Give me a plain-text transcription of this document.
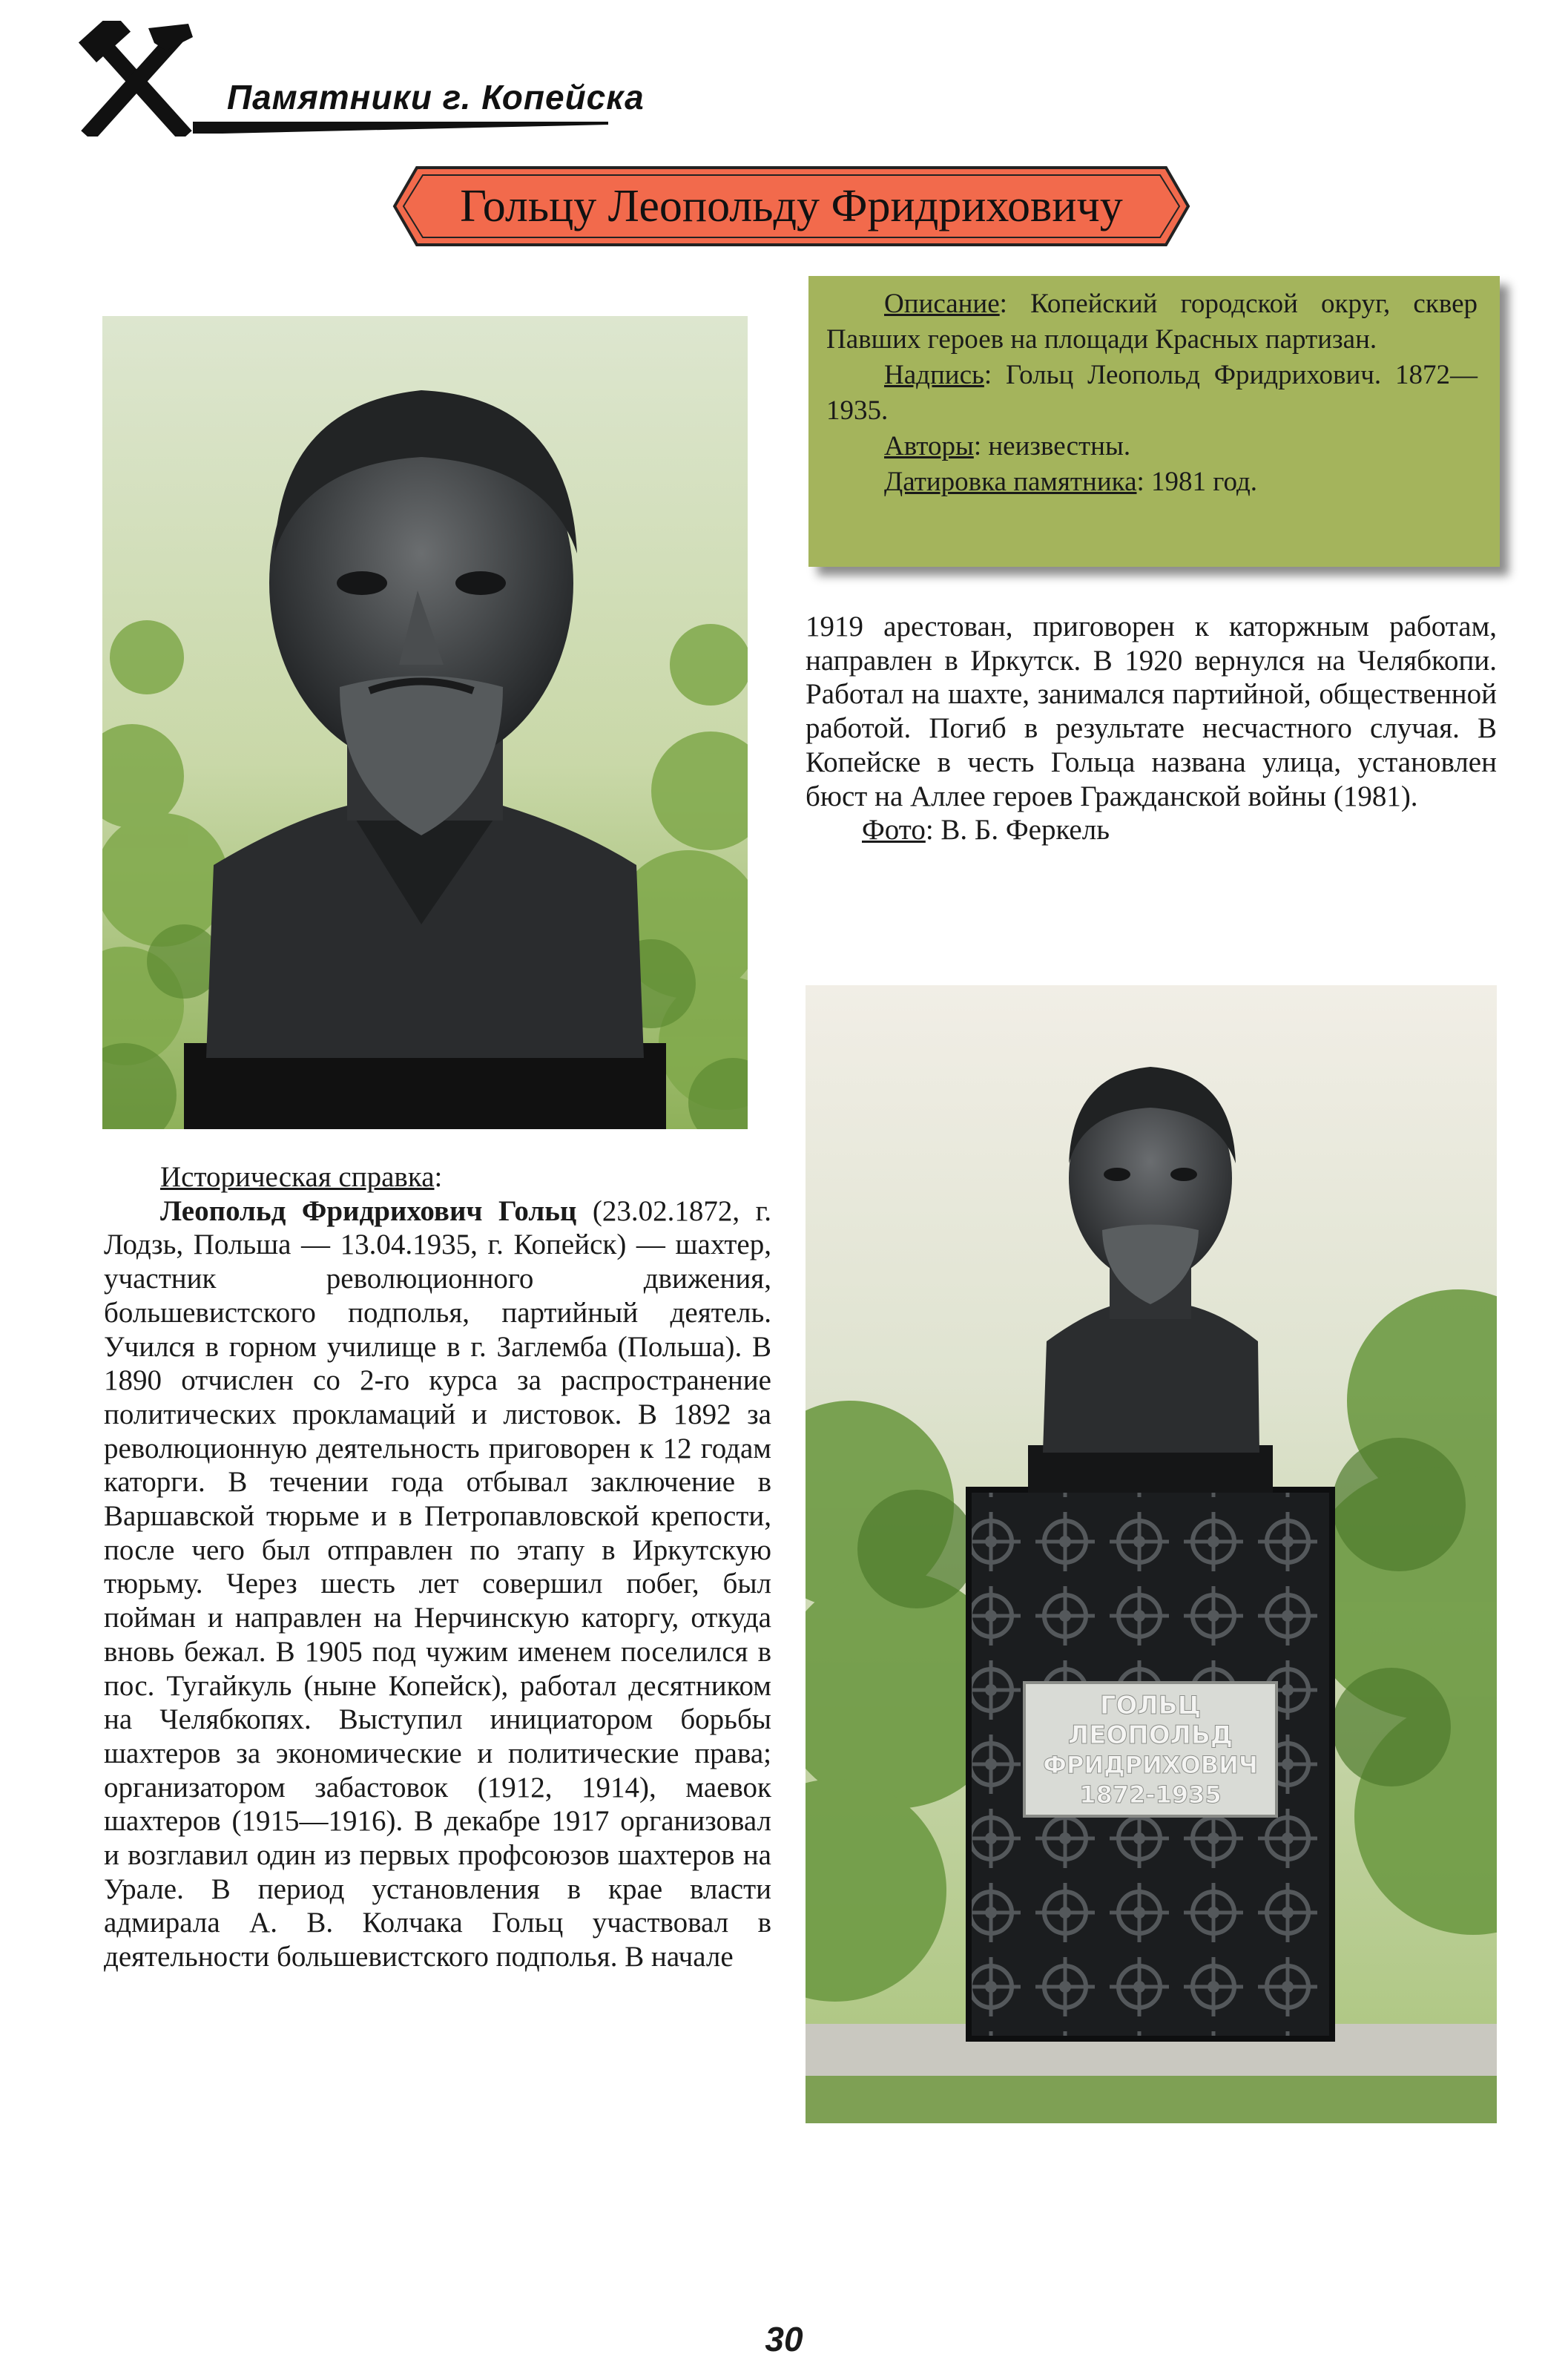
Памятники г. Копейска
Гольцу Леопольду Фридриховичу

Описание: Копейский городской округ, сквер Павших героев на площади Красных партизан.

Надпись: Гольц Леопольд Фридрихович. 1872—1935.

Авторы: неизвестны.

Датировка памятника: 1981 год.

1919 арестован, приговорен к каторжным работам, направлен в Иркутск. В 1920 вернулся на Челябкопи. Работал на шахте, занимался партийной, общественной работой. Погиб в результате несчастного случая. В Копейске в честь Гольца названа улица, установлен бюст на Аллее героев Гражданской войны (1981).

Фото: В. Б. Феркель

Историческая справка:

Леопольд Фридрихович Гольц (23.02.1872, г. Лодзь, Польша — 13.04.1935, г. Копейск) — шахтер, участник революционного движения, большевистского подполья, партийный деятель. Учился в горном училище в г. Заглемба (Польша). В 1890 отчислен со 2-го курса за распространение политических прокламаций и листовок. В 1892 за революционную деятельность приговорен к 12 годам каторги. В течении года отбывал заключение в Варшавской тюрьме и в Петропавловской крепости, после чего был отправлен по этапу в Иркутскую тюрьму. Через шесть лет совершил побег, был пойман и направлен на Нерчинскую каторгу, откуда вновь бежал. В 1905 под чужим именем поселился в пос. Тугайкуль (ныне Копейск), работал десятником на Челябкопях. Выступил инициатором борьбы шахтеров за экономические и политические права; организатором забастовок (1912, 1914), маевок шахтеров (1915—1916). В декабре 1917 организовал и возглавил один из первых профсоюзов шахтеров на Урале. В период установления в крае власти адмирала А. В. Колчака Гольц участвовал в деятельности большевистского подполья. В начале

ГОЛЬЦ
ЛЕОПОЛЬД
ФРИДРИХОВИЧ
1872-1935
30
